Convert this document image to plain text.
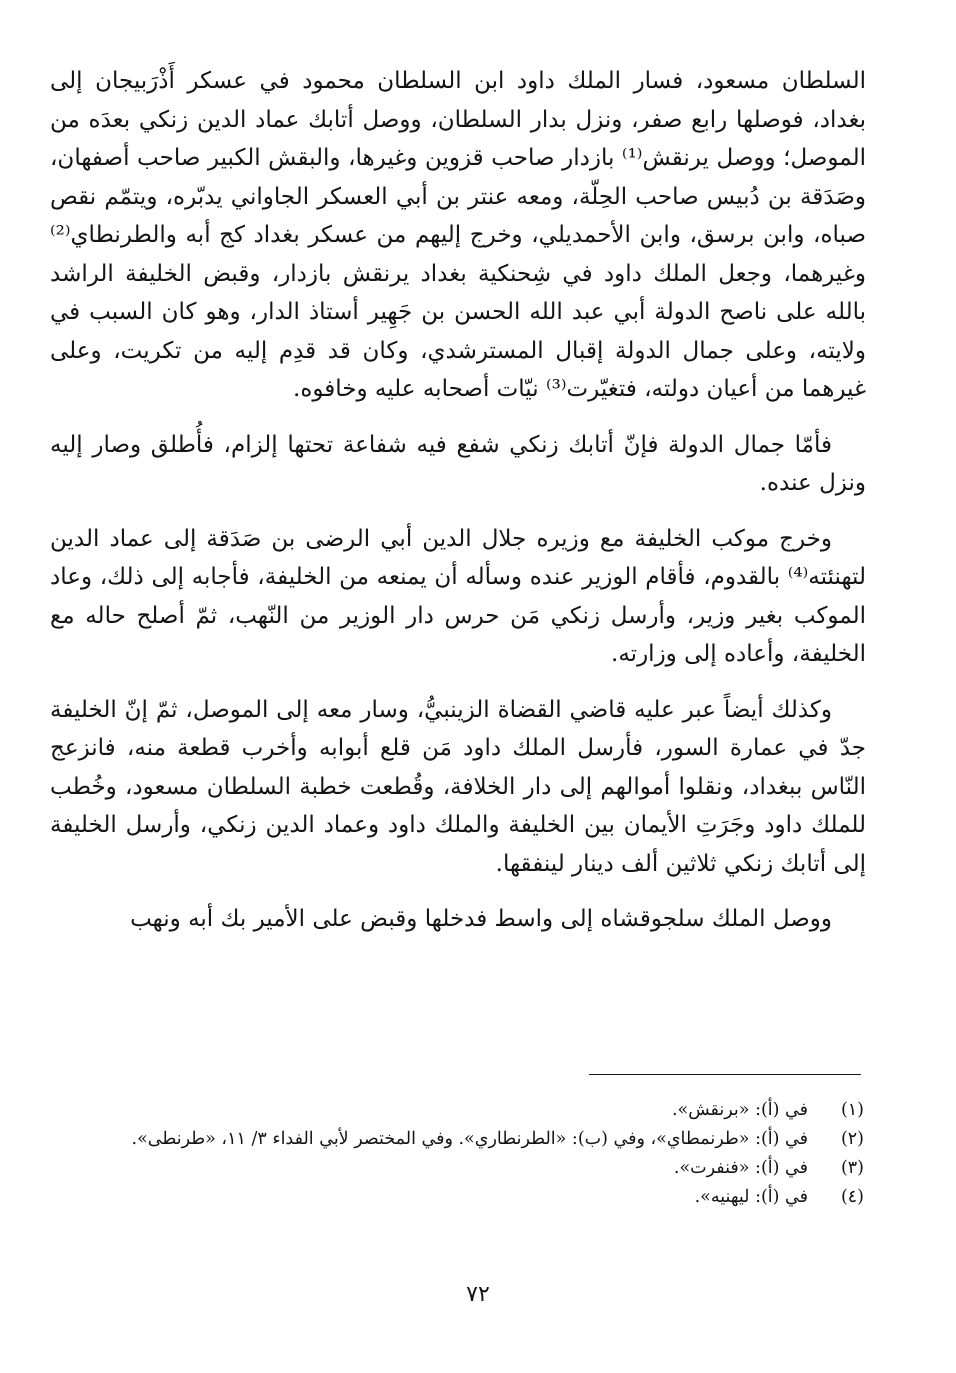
السلطان مسعود، فسار الملك داود ابن السلطان محمود في عسكر أَذْرَبيجان إلى بغداد، فوصلها رابع صفر، ونزل بدار السلطان، ووصل أتابك عماد الدين زنكي بعدَه من الموصل؛ ووصل يرنقش⁽¹⁾ بازدار صاحب قزوين وغيرها، والبقش الكبير صاحب أصفهان، وصَدَقة بن دُبيس صاحب الحِلّة، ومعه عنتر بن أبي العسكر الجاواني يدبّره، ويتمّم نقص صباه، وابن برسق، وابن الأحمديلي، وخرج إليهم من عسكر بغداد كج أبه والطرنطاي⁽²⁾ وغيرهما، وجعل الملك داود في شِحنكية بغداد يرنقش بازدار، وقبض الخليفة الراشد بالله على ناصح الدولة أبي عبد الله الحسن بن جَهِير أستاذ الدار، وهو كان السبب في ولايته، وعلى جمال الدولة إقبال المسترشدي، وكان قد قدِم إليه من تكريت، وعلى غيرهما من أعيان دولته، فتغيّرت⁽³⁾ نيّات أصحابه عليه وخافوه.

فأمّا جمال الدولة فإنّ أتابك زنكي شفع فيه شفاعة تحتها إلزام، فأُطلق وصار إليه ونزل عنده.

وخرج موكب الخليفة مع وزيره جلال الدين أبي الرضى بن صَدَقة إلى عماد الدين لتهنئته⁽⁴⁾ بالقدوم، فأقام الوزير عنده وسأله أن يمنعه من الخليفة، فأجابه إلى ذلك، وعاد الموكب بغير وزير، وأرسل زنكي مَن حرس دار الوزير من النّهب، ثمّ أصلح حاله مع الخليفة، وأعاده إلى وزارته.

وكذلك أيضاً عبر عليه قاضي القضاة الزينبيُّ، وسار معه إلى الموصل، ثمّ إنّ الخليفة جدّ في عمارة السور، فأرسل الملك داود مَن قلع أبوابه وأخرب قطعة منه، فانزعج النّاس ببغداد، ونقلوا أموالهم إلى دار الخلافة، وقُطعت خطبة السلطان مسعود، وخُطب للملك داود وجَرَتِ الأيمان بين الخليفة والملك داود وعماد الدين زنكي، وأرسل الخليفة إلى أتابك زنكي ثلاثين ألف دينار لينفقها.

ووصل الملك سلجوقشاه إلى واسط فدخلها وقبض على الأمير بك أبه ونهب

(١)
في (أ): «برنقش».
(٢)
في (أ): «طرنمطاي»، وفي (ب): «الطرنطاري». وفي المختصر لأبي الفداء ٣/ ١١، «طرنطى».
(٣)
في (أ): «فنفرت».
(٤)
في (أ): ليهنيه».
٧٢
